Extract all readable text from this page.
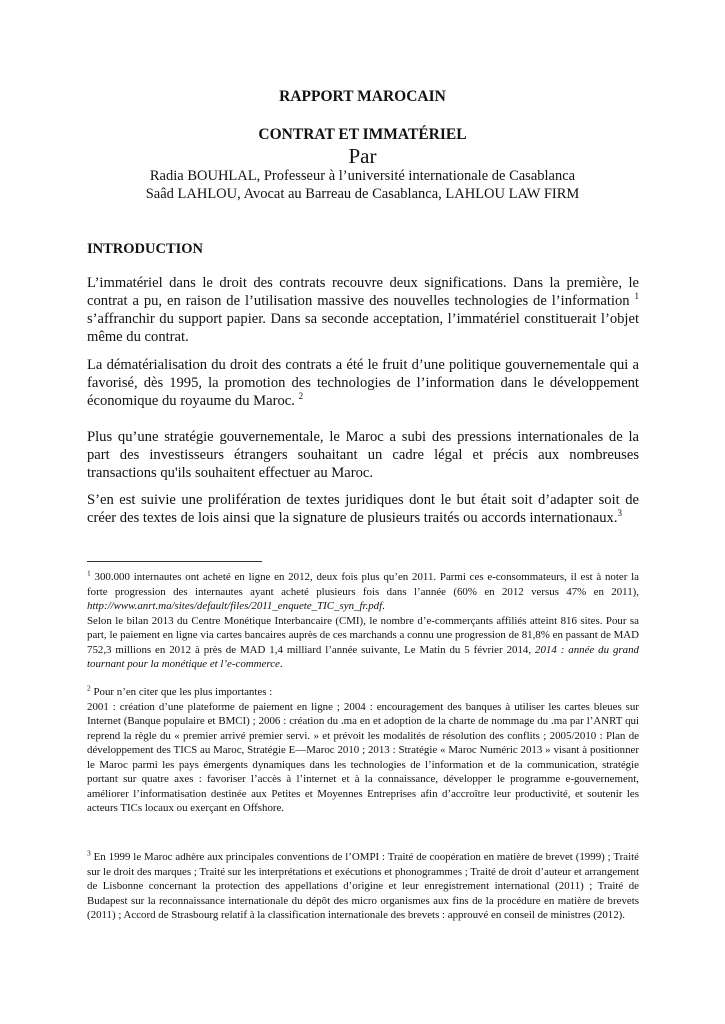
RAPPORT MAROCAIN
CONTRAT ET IMMATÉRIEL
Par
Radia BOUHLAL, Professeur à l’université internationale de Casablanca
Saâd LAHLOU, Avocat au Barreau de Casablanca, LAHLOU LAW FIRM
INTRODUCTION
L’immatériel dans le droit des contrats recouvre deux significations. Dans la première, le contrat a pu, en raison de l’utilisation massive des nouvelles technologies de l’information $^1$ s’affranchir du support papier. Dans sa seconde acceptation, l’immatériel constituerait l’objet même du contrat.
La dématérialisation du droit des contrats a été le fruit d’une politique gouvernementale qui a favorisé, dès 1995, la promotion des technologies de l’information dans le développement économique du royaume du Maroc. $^2$
Plus qu’une stratégie gouvernementale, le Maroc a subi des pressions internationales de la part des investisseurs étrangers souhaitant un cadre légal et précis aux nombreuses transactions qu'ils souhaitent effectuer au Maroc.
S’en est suivie une prolifération de textes juridiques dont le but était soit d’adapter soit de créer des textes de lois ainsi que la signature de plusieurs traités ou accords internationaux.$^3$

$^1$ 300.000 internautes ont acheté en ligne en 2012, deux fois plus qu’en 2011. Parmi ces e-consommateurs, il est à noter la forte progression des internautes ayant acheté plusieurs fois dans l’année (60% en 2012 versus 47% en 2011), http://www.anrt.ma/sites/default/files/2011_enquete_TIC_syn_fr.pdf.

Selon le bilan 2013 du Centre Monétique Interbancaire (CMI), le nombre d’e-commerçants affiliés atteint 816 sites. Pour sa part, le paiement en ligne via cartes bancaires auprès de ces marchands a connu une progression de 81,8% en passant de MAD 752,3 millions en 2012 à près de MAD 1,4 milliard l’année suivante, Le Matin du 5 février 2014, 2014 : année du grand tournant pour la monétique et l’e-commerce.

$^2$ Pour n’en citer que les plus importantes :

2001 : création d’une plateforme de paiement en ligne ; 2004 : encouragement des banques à utiliser les cartes bleues sur Internet (Banque populaire et BMCI) ; 2006 : création du .ma en et adoption de la charte de nommage du .ma par l’ANRT qui reprend la règle du « premier arrivé premier servi. » et prévoit les modalités de résolution des conflits ; 2005/2010 : Plan de développement des TICS au Maroc, Stratégie E—Maroc 2010 ; 2013 : Stratégie « Maroc Numéric 2013 » visant à positionner le Maroc parmi les pays émergents dynamiques dans les technologies de l’information et de la communication, stratégie portant sur quatre axes : favoriser l’accès à l’internet et à la connaissance, développer le programme e-gouvernement, améliorer l’informatisation destinée aux Petites et Moyennes Entreprises afin d’accroître leur productivité, et soutenir les acteurs TICs locaux ou exerçant en Offshore.

$^3$ En 1999 le Maroc adhère aux principales conventions de l’OMPI : Traité de coopération en matière de brevet (1999) ; Traité sur le droit des marques ; Traité sur les interprétations et exécutions et phonogrammes ; Traité de droit d’auteur et arrangement de Lisbonne concernant la protection des appellations d’origine et leur enregistrement international (2011) ; Traité de Budapest sur la reconnaissance internationale du dépôt des micro organismes aux fins de la procédure en matière de brevets (2011) ; Accord de Strasbourg relatif à la classification internationale des brevets : approuvé en conseil de ministres (2012).
